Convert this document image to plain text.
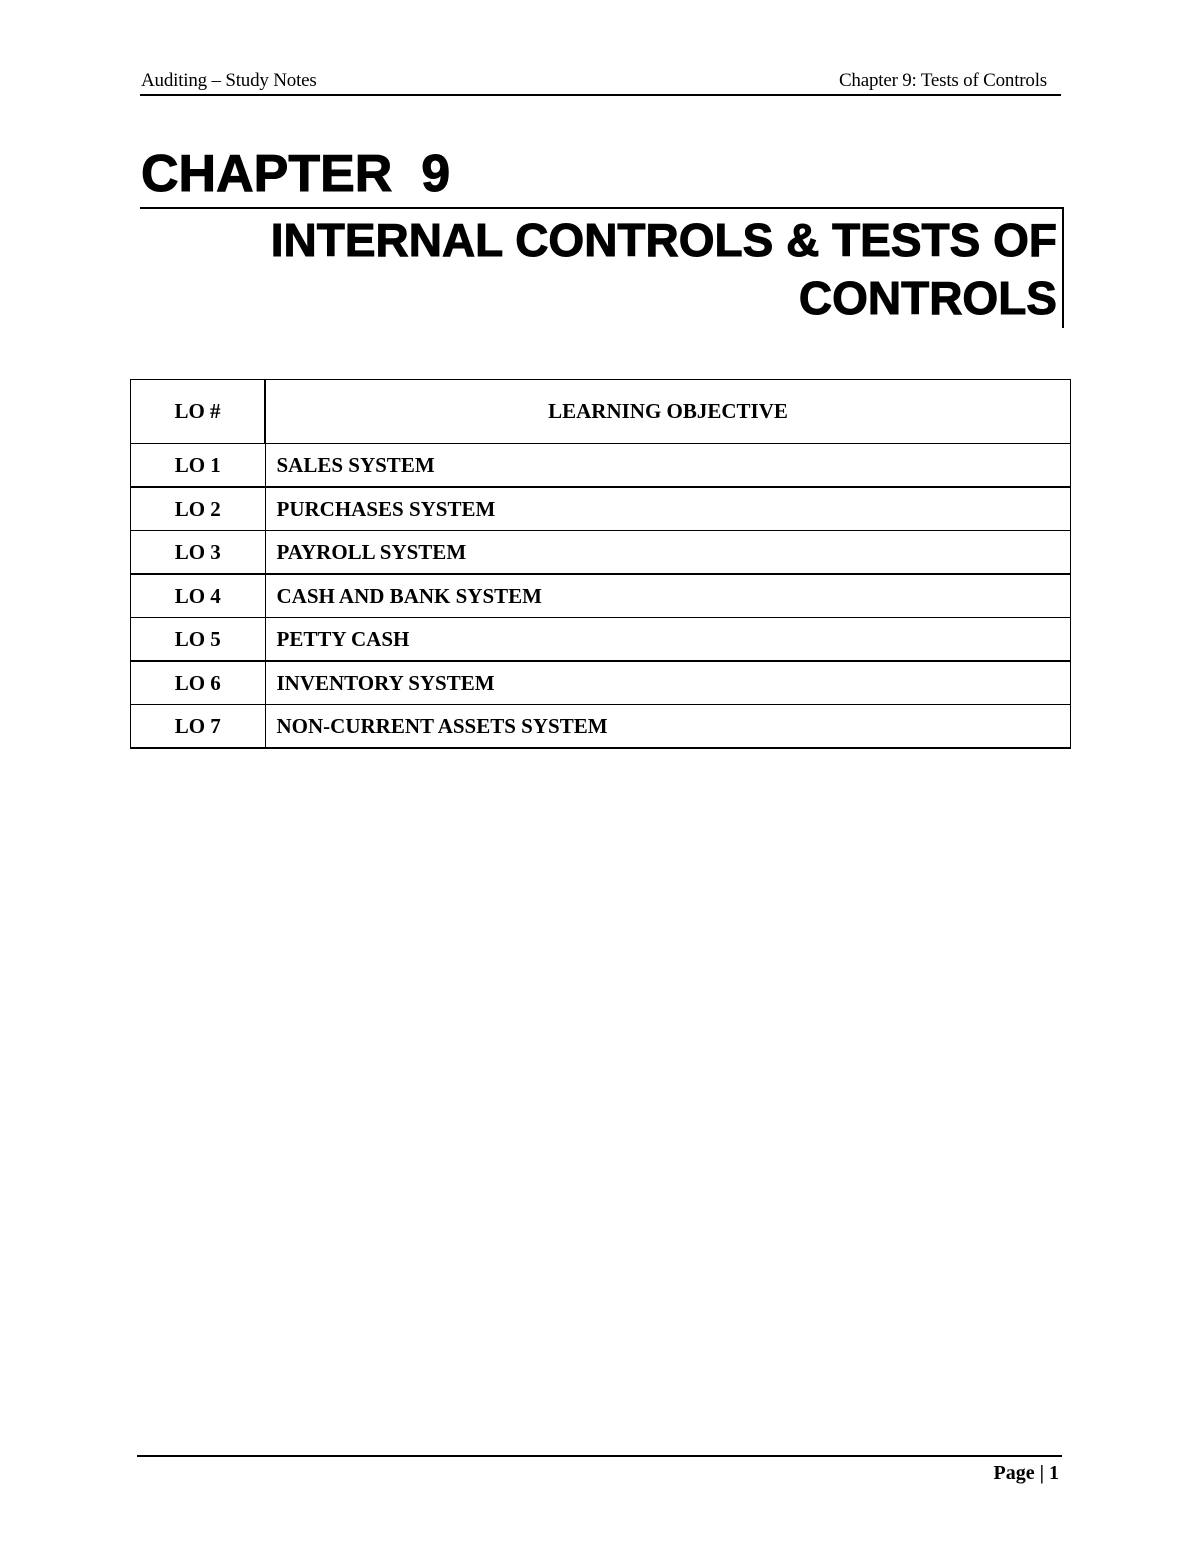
Auditing – Study Notes	Chapter 9: Tests of Controls
CHAPTER  9
INTERNAL CONTROLS & TESTS OF CONTROLS
LO #	LEARNING OBJECTIVE
LO 1	SALES SYSTEM
LO 2	PURCHASES SYSTEM
LO 3	PAYROLL SYSTEM
LO 4	CASH AND BANK SYSTEM
LO 5	PETTY CASH
LO 6	INVENTORY SYSTEM
LO 7	NON-CURRENT ASSETS SYSTEM
Page | 1
